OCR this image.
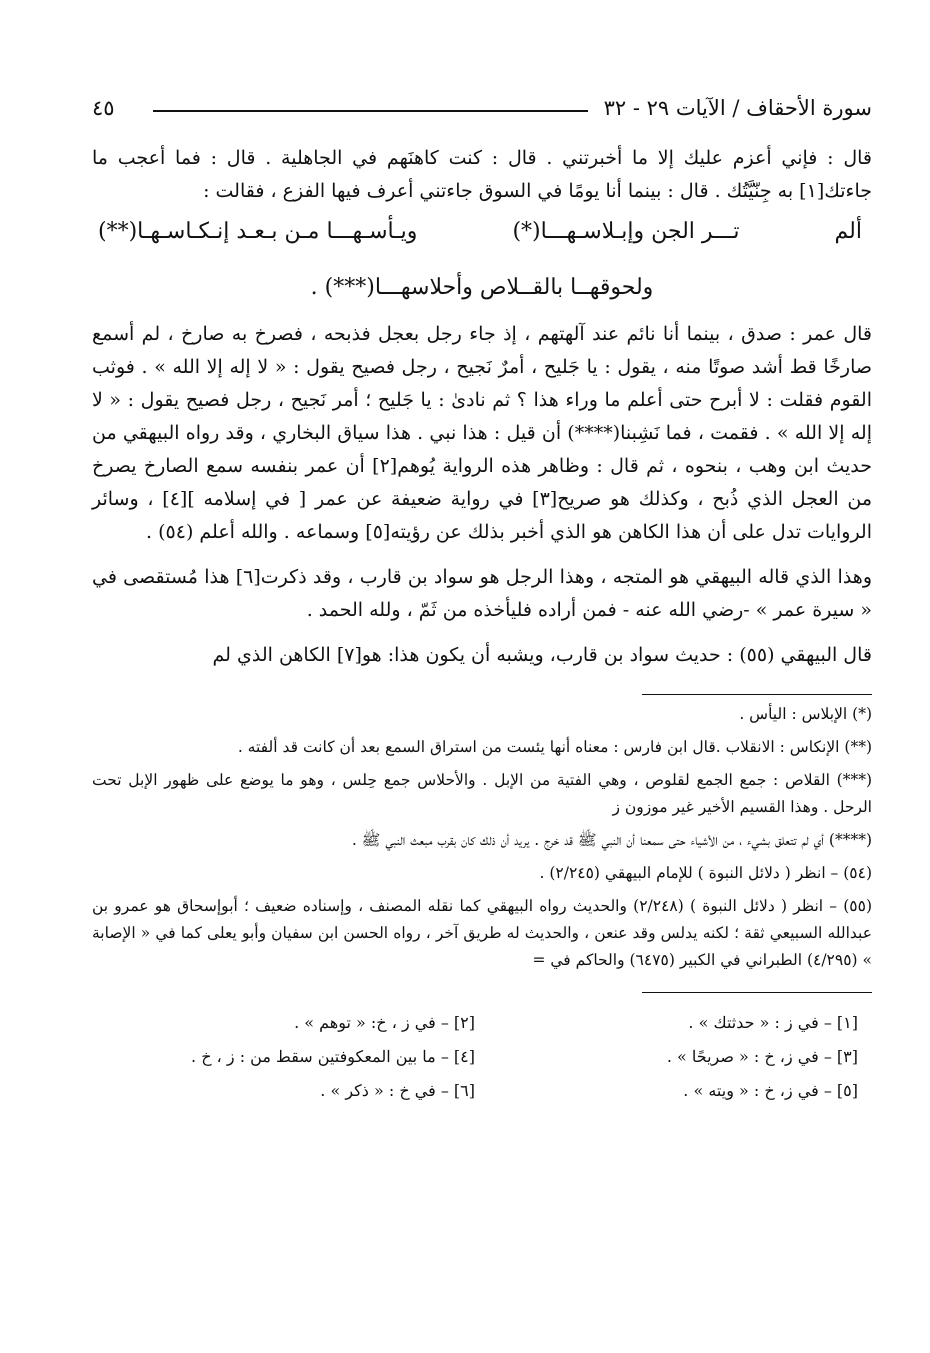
سورة الأحقاف / الآيات ٢٩ - ٣٢
٤٥

قال : فإني أعزم عليك إلا ما أخبرتني . قال : كنت كاهنَهم في الجاهلية . قال : فما أعجب ما جاءتك[١] به جِنّيَّتُك . قال : بينما أنا يومًا في السوق جاءتني أعرف فيها الفزع ، فقالت :

ألم
تـــر الجن وإبـلاسـهـــا(*)
ويـأسـهـــا مـن بـعـد إنـكـاسـهـا(**)
ولحوقهــا بالقــلاص وأحلاسهـــا(***) .

قال عمر : صدق ، بينما أنا نائم عند آلهتهم ، إذ جاء رجل بعجل فذبحه ، فصرخ به صارخ ، لم أسمع صارخًا قط أشد صوتًا منه ، يقول : يا جَليح ، أمرٌ نَجيح ، رجل فصيح يقول : « لا إله إلا الله » . فوثب القوم فقلت : لا أبرح حتى أعلم ما وراء هذا ؟ ثم نادىٰ : يا جَليح ؛ أمر نَجيح ، رجل فصيح يقول : « لا إله إلا الله » . فقمت ، فما نَشِبنا(****) أن قيل : هذا نبي . هذا سياق البخاري ، وقد رواه البيهقي من حديث ابن وهب ، بنحوه ، ثم قال : وظاهر هذه الرواية يُوهم[٢] أن عمر بنفسه سمع الصارخ يصرخ من العجل الذي ذُبح ، وكذلك هو صريح[٣] في رواية ضعيفة عن عمر [ في إسلامه ][٤] ، وسائر الروايات تدل على أن هذا الكاهن هو الذي أخبر بذلك عن رؤيته[٥] وسماعه . والله أعلم (٥٤) .

وهذا الذي قاله البيهقي هو المتجه ، وهذا الرجل هو سواد بن قارب ، وقد ذكرت[٦] هذا مُستقصى في « سيرة عمر » -رضي الله عنه - فمن أراده فليأخذه من ثَمّ ، ولله الحمد .

قال البيهقي (٥٥) : حديث سواد بن قارب، ويشبه أن يكون هذا: هو[٧] الكاهن الذي لم

(*) الإبلاس : اليأس .

(**) الإنكاس : الانقلاب .قال ابن فارس : معناه أنها يئست من استراق السمع بعد أن كانت قد ألفته .

(***) القلاص : جمع الجمع لقلوص ، وهي الفتية من الإبل . والأحلاس جمع حِلس ، وهو ما يوضع على ظهور الإبل تحت الرحل . وهذا القسيم الأخير غير موزون ز

(****) أي لم تتعلق بشيء ، من الأشياء حتى سمعنا أن النبي ﷺ قد خرج . يريد أن ذلك كان بقرب مبعث النبي ﷺ .

(٥٤) – انظر ( دلائل النبوة ) للإمام البيهقي (٢/٢٤٥) .

(٥٥) – انظر ( دلائل النبوة ) (٢/٢٤٨) والحديث رواه البيهقي كما نقله المصنف ، وإسناده ضعيف ؛ أبوإسحاق هو عمرو بن عبدالله السبيعي ثقة ؛ لكنه يدلس وقد عنعن ، والحديث له طريق آخر ، رواه الحسن ابن سفيان وأبو يعلى كما في « الإصابة » (٤/٢٩٥) الطبراني في الكبير (٦٤٧٥) والحاكم في =

[١] – في ز : « حدثتك » .
[٢] – في ز ، خ: « توهم » .
[٣] – في ز، خ : « صريحًا » .
[٤] – ما بين المعكوفتين سقط من : ز ، خ .
[٥] – في ز، خ : « ويته » .
[٦] – في خ : « ذكر » .
